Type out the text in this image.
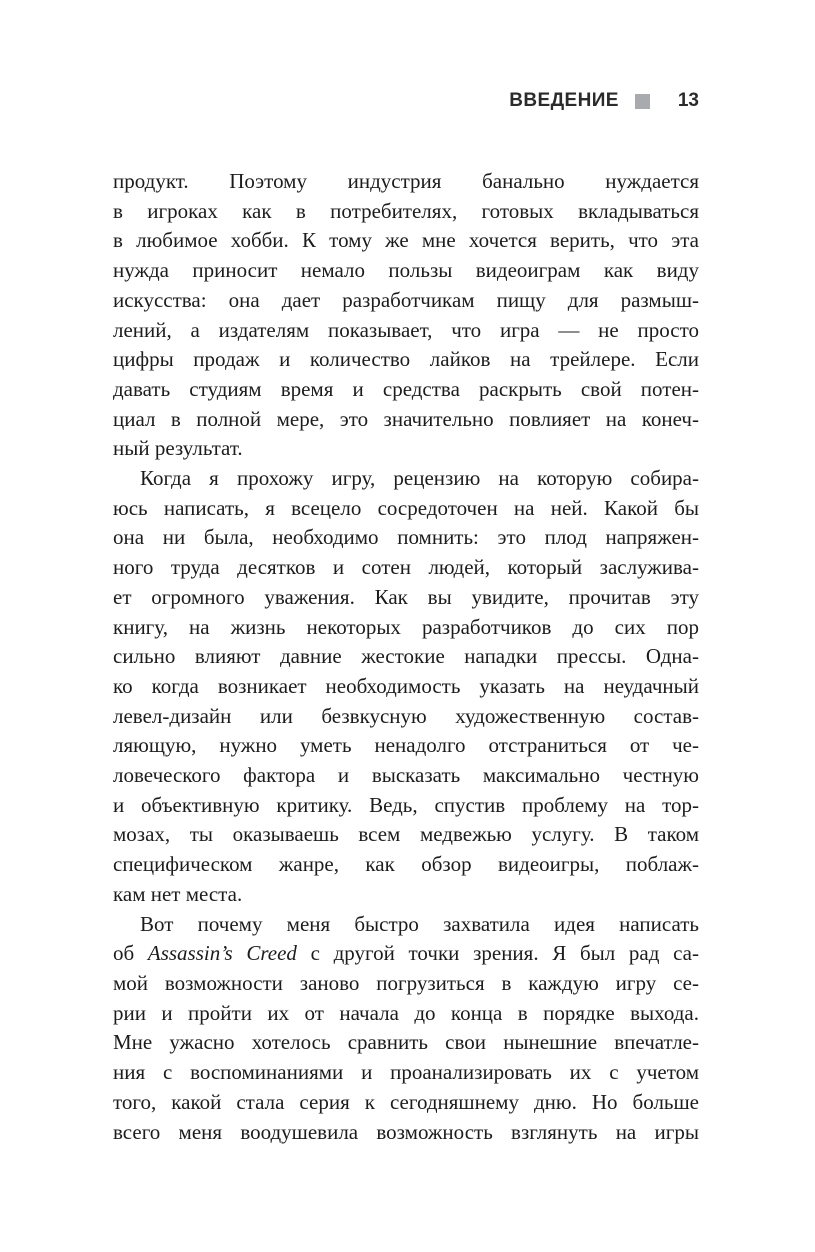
ВВЕДЕНИЕ	13
продукт. Поэтому индустрия банально нуждается
в игроках как в потребителях, готовых вкладываться
в любимое хобби. К тому же мне хочется верить, что эта
нужда приносит немало пользы видеоиграм как виду
искусства: она дает разработчикам пищу для размыш-
лений, а издателям показывает, что игра — не просто
цифры продаж и количество лайков на трейлере. Если
давать студиям время и средства раскрыть свой потен-
циал в полной мере, это значительно повлияет на конеч-
ный результат.
Когда я прохожу игру, рецензию на которую собира-
юсь написать, я всецело сосредоточен на ней. Какой бы
она ни была, необходимо помнить: это плод напряжен-
ного труда десятков и сотен людей, который заслужива-
ет огромного уважения. Как вы увидите, прочитав эту
книгу, на жизнь некоторых разработчиков до сих пор
сильно влияют давние жестокие нападки прессы. Одна-
ко когда возникает необходимость указать на неудачный
левел-дизайн или безвкусную художественную состав-
ляющую, нужно уметь ненадолго отстраниться от че-
ловеческого фактора и высказать максимально честную
и объективную критику. Ведь, спустив проблему на тор-
мозах, ты оказываешь всем медвежью услугу. В таком
специфическом жанре, как обзор видеоигры, поблаж-
кам нет места.
Вот почему меня быстро захватила идея написать
об Assassin’s Creed с другой точки зрения. Я был рад са-
мой возможности заново погрузиться в каждую игру се-
рии и пройти их от начала до конца в порядке выхода.
Мне ужасно хотелось сравнить свои нынешние впечатле-
ния с воспоминаниями и проанализировать их с учетом
того, какой стала серия к сегодняшнему дню. Но больше
всего меня воодушевила возможность взглянуть на игры
